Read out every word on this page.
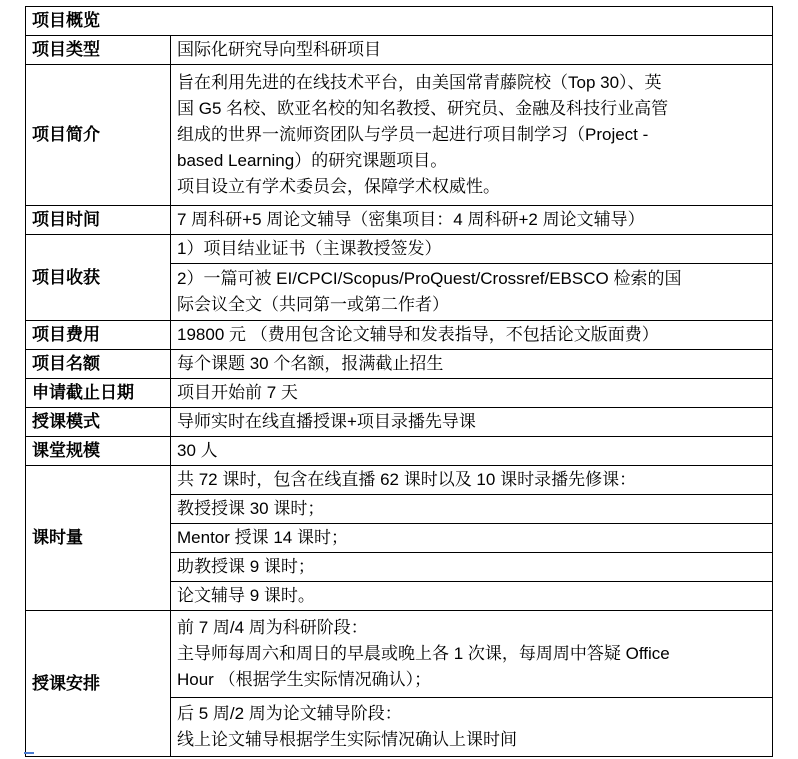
项目概览	
项目类型	国际化研究导向型科研项目
项目简介	旨在利用先进的在线技术平台，由美国常青藤院校（Top 30）、英
国 G5 名校、欧亚名校的知名教授、研究员、金融及科技行业高管
组成的世界一流师资团队与学员一起进行项目制学习（Project -
based Learning）的研究课题项目。
项目设立有学术委员会，保障学术权威性。

项目时间	7 周科研+5 周论文辅导（密集项目：4 周科研+2 周论文辅导）
项目收获	1）项目结业证书（主课教授签发）

	2）一篇可被 EI/CPCI/Scopus/ProQuest/Crossref/EBSCO 检索的国
际会议全文（共同第一或第二作者）

项目费用	19800 元 （费用包含论文辅导和发表指导，不包括论文版面费）
项目名额	每个课题 30 个名额，报满截止招生
申请截止日期	项目开始前 7 天
授课模式	导师实时在线直播授课+项目录播先导课
课堂规模	30 人
课时量	共 72 课时，包含在线直播 62 课时以及 10 课时录播先修课：
	教授授课 30 课时；
	Mentor 授课 14 课时；
	助教授课 9 课时；
	论文辅导 9 课时。
授课安排	前 7 周/4 周为科研阶段：
主导师每周六和周日的早晨或晚上各 1 次课，每周周中答疑 Office
Hour （根据学生实际情况确认）；

	后 5 周/2 周为论文辅导阶段：
线上论文辅导根据学生实际情况确认上课时间
